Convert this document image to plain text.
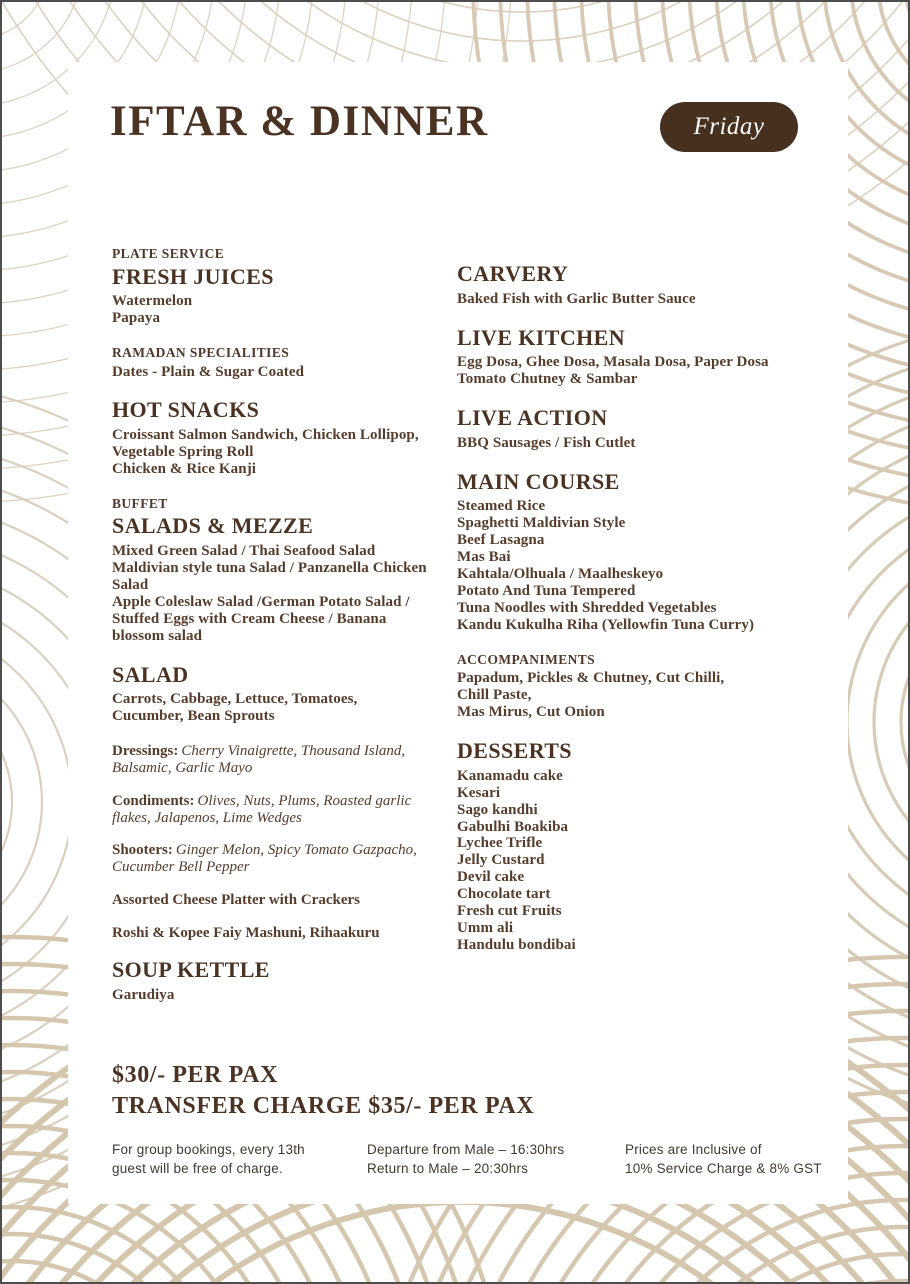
IFTAR & DINNER	Friday
PLATE SERVICE
FRESH JUICES
Watermelon
Papaya
RAMADAN SPECIALITIES
Dates - Plain & Sugar Coated
HOT SNACKS
Croissant Salmon Sandwich, Chicken Lollipop, Vegetable Spring Roll
Chicken & Rice Kanji
BUFFET
SALADS & MEZZE
Mixed Green Salad / Thai Seafood Salad
Maldivian style tuna Salad / Panzanella Chicken Salad
Apple Coleslaw Salad /German Potato Salad / Stuffed Eggs with Cream Cheese / Banana blossom salad
SALAD
Carrots, Cabbage, Lettuce, Tomatoes, Cucumber, Bean Sprouts

Dressings: Cherry Vinaigrette, Thousand Island, Balsamic, Garlic Mayo

Condiments: Olives, Nuts, Plums, Roasted garlic flakes, Jalapenos, Lime Wedges

Shooters: Ginger Melon, Spicy Tomato Gazpacho, Cucumber Bell Pepper

Assorted Cheese Platter with Crackers

Roshi & Kopee Faiy Mashuni, Rihaakuru

SOUP KETTLE
Garudiya
CARVERY
Baked Fish with Garlic Butter Sauce
LIVE KITCHEN
Egg Dosa, Ghee Dosa, Masala Dosa, Paper Dosa
Tomato Chutney & Sambar
LIVE ACTION
BBQ Sausages / Fish Cutlet
MAIN COURSE
Steamed Rice
Spaghetti Maldivian Style
Beef Lasagna
Mas Bai
Kahtala/Olhuala / Maalheskeyo
Potato And Tuna Tempered
Tuna Noodles with Shredded Vegetables
Kandu Kukulha Riha (Yellowfin Tuna Curry)
ACCOMPANIMENTS
Papadum, Pickles & Chutney, Cut Chilli,
Chill Paste,
Mas Mirus, Cut Onion
DESSERTS
Kanamadu cake
Kesari
Sago kandhi
Gabulhi Boakiba
Lychee Trifle
Jelly Custard
Devil cake
Chocolate tart
Fresh cut Fruits
Umm ali
Handulu bondibai
$30/- PER PAX
TRANSFER CHARGE $35/- PER PAX
For group bookings, every 13th
guest will be free of charge.
Departure from Male – 16:30hrs
Return to Male – 20:30hrs
Prices are Inclusive of
10% Service Charge & 8% GST
